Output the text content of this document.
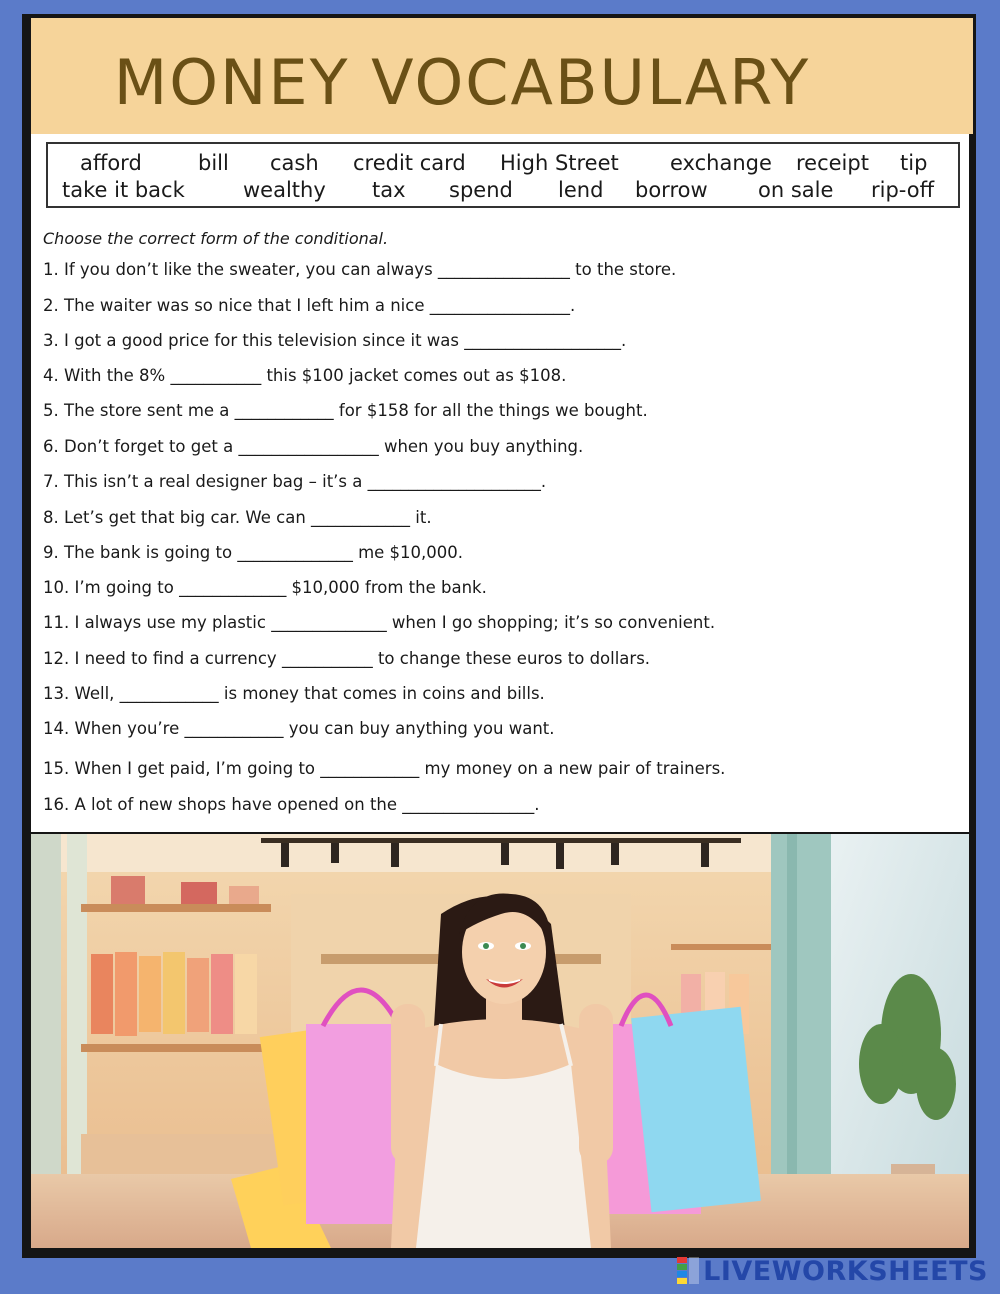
MONEY VOCABULARY
afford	bill cash credit card High Street exchange receipt tip
take it back	wealthy tax spend lend borrow on sale rip-off
Choose the correct form of the conditional.
1. If you don’t like the sweater, you can always ________________ to the store.
2. The waiter was so nice that I left him a nice _________________.
3. I got a good price for this television since it was ___________________.
4. With the 8% ___________ this $100 jacket comes out as $108.
5. The store sent me a ____________ for $158 for all the things we bought.
6. Don’t forget to get a _________________ when you buy anything.
7. This isn’t a real designer bag – it’s a _____________________.
8. Let’s get that big car. We can ____________ it.
9. The bank is going to ______________ me $10,000.
10. I’m going to _____________ $10,000 from the bank.
11. I always use my plastic ______________ when I go shopping; it’s so convenient.
12. I need to find a currency ___________ to change these euros to dollars.
13. Well, ____________ is money that comes in coins and bills.
14. When you’re ____________ you can buy anything you want.
15. When I get paid, I’m going to ____________ my money on a new pair of trainers.
16. A lot of new shops have opened on the ________________.
LIVEWORKSHEETS
